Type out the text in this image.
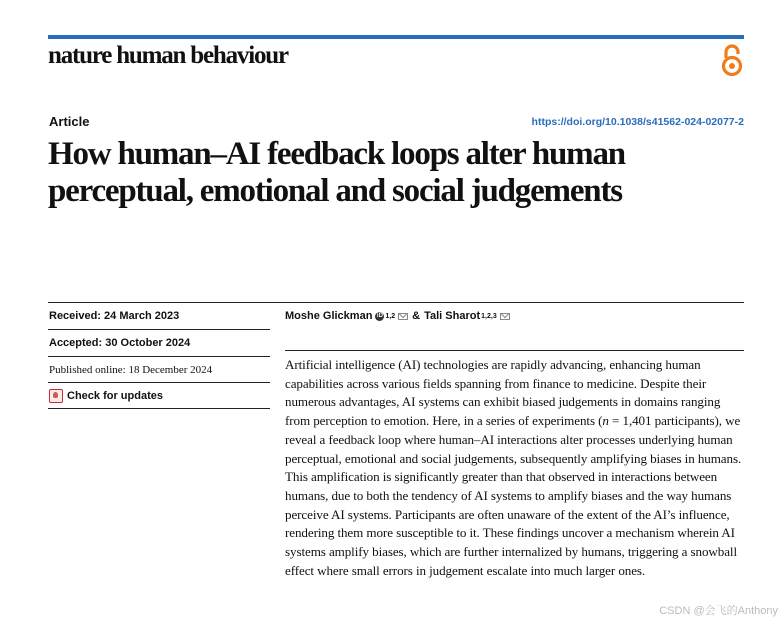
nature human behaviour
Article	https://doi.org/10.1038/s41562-024-02077-2
How human–AI feedback loops alter human perceptual, emotional and social judgements
Received: 24 March 2023
Accepted: 30 October 2024
Published online: 18 December 2024
Check for updates
Moshe Glickman iD 1,2 & Tali Sharot 1,2,3

Artificial intelligence (AI) technologies are rapidly advancing, enhancing human capabilities across various fields spanning from finance to medicine. Despite their numerous advantages, AI systems can exhibit biased judgements in domains ranging from perception to emotion. Here, in a series of experiments (n = 1,401 participants), we reveal a feedback loop where human–AI interactions alter processes underlying human perceptual, emotional and social judgements, subsequently amplifying biases in humans. This amplification is significantly greater than that observed in interactions between humans, due to both the tendency of AI systems to amplify biases and the way humans perceive AI systems. Participants are often unaware of the extent of the AI’s influence, rendering them more susceptible to it. These findings uncover a mechanism wherein AI systems amplify biases, which are further internalized by humans, triggering a snowball effect where small errors in judgement escalate into much larger ones.

CSDN @会飞的Anthony
